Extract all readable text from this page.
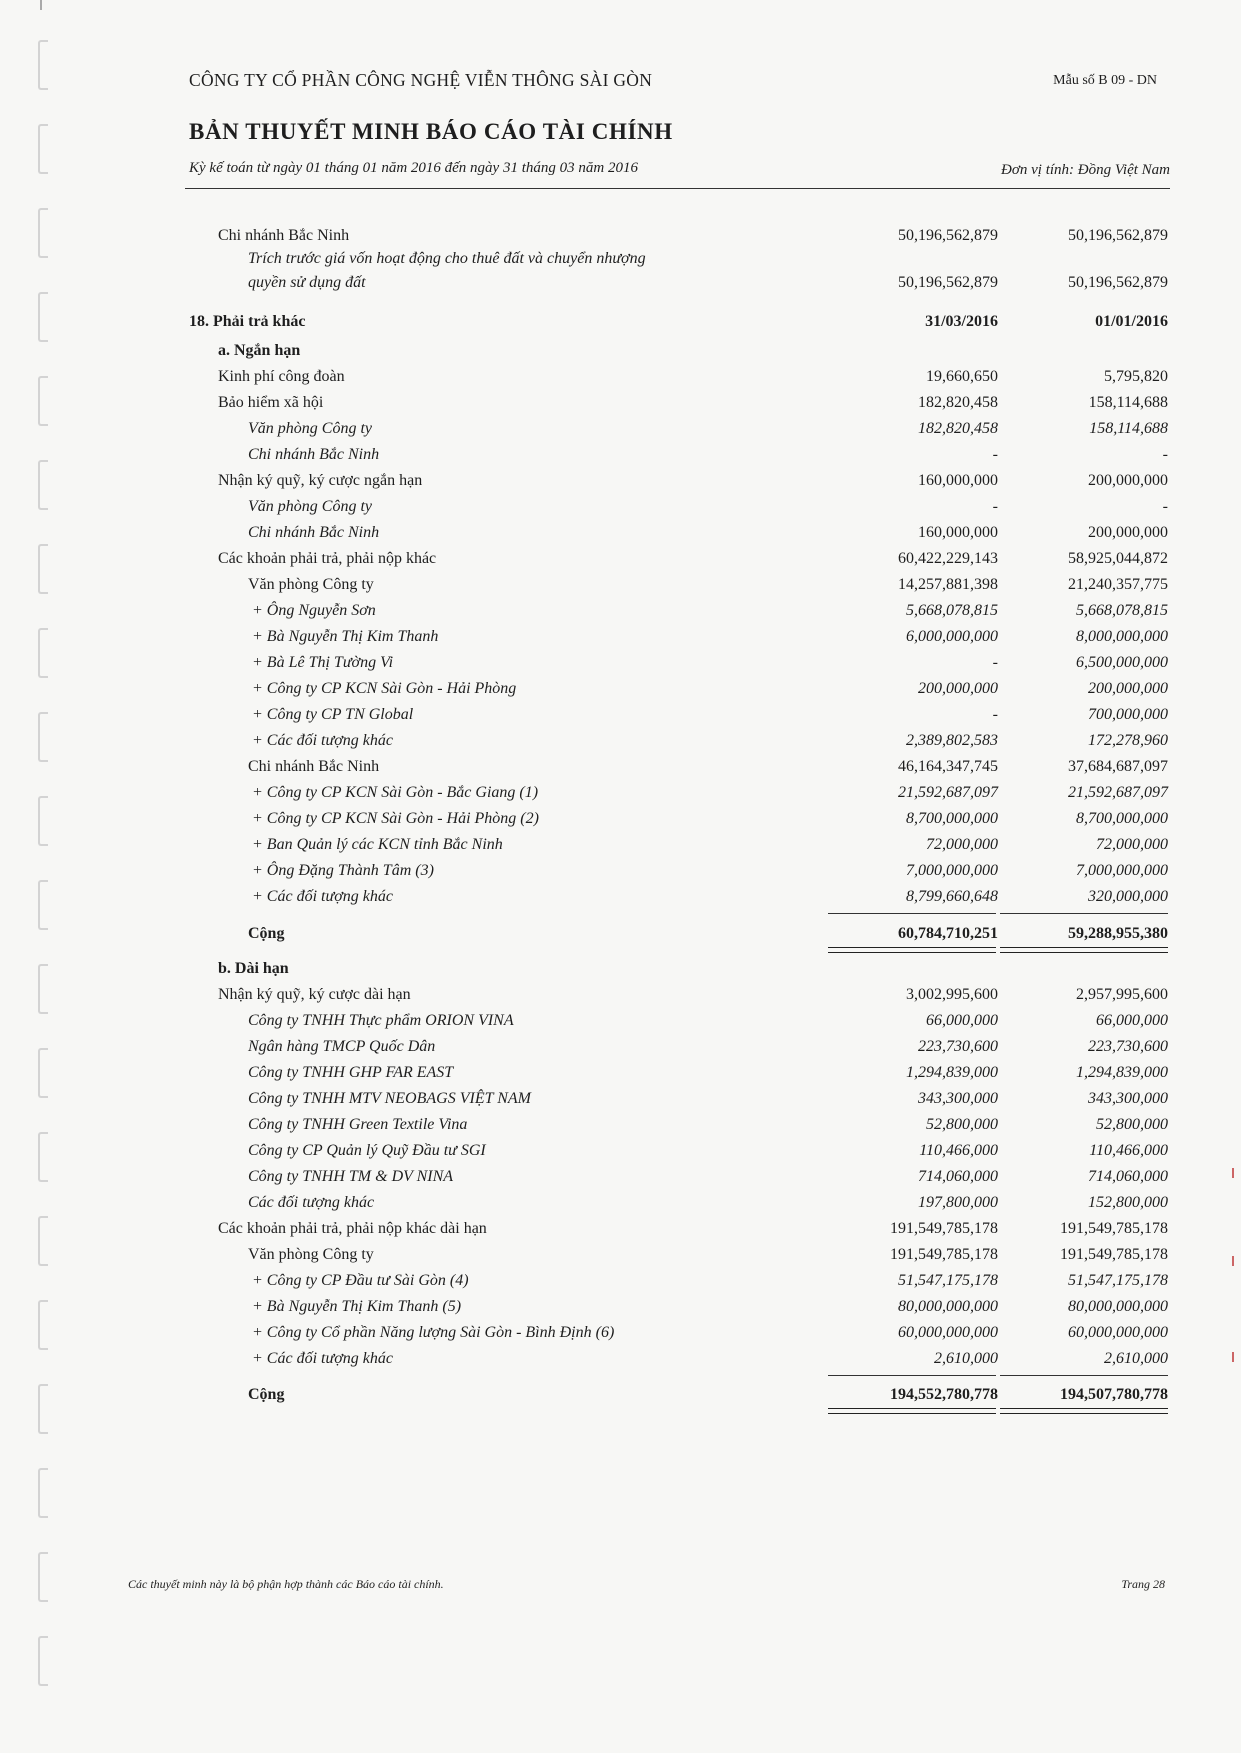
CÔNG TY CỔ PHẦN CÔNG NGHỆ VIỄN THÔNG SÀI GÒN	Mẫu số B 09 - DN
BẢN THUYẾT MINH BÁO CÁO TÀI CHÍNH
Kỳ kế toán từ ngày 01 tháng 01 năm 2016 đến ngày 31 tháng 03 năm 2016	Đơn vị tính: Đồng Việt Nam
Chi nhánh Bắc Ninh	50,196,562,879	50,196,562,879
Trích trước giá vốn hoạt động cho thuê đất và chuyển nhượng
quyền sử dụng đất	50,196,562,879	50,196,562,879
18. Phải trả khác	31/03/2016	01/01/2016
a. Ngắn hạn
Kinh phí công đoàn	19,660,650	5,795,820
Bảo hiểm xã hội	182,820,458	158,114,688
Văn phòng Công ty	182,820,458	158,114,688
Chi nhánh Bắc Ninh	-	-
Nhận ký quỹ, ký cược ngắn hạn	160,000,000	200,000,000
Văn phòng Công ty	-	-
Chi nhánh Bắc Ninh	160,000,000	200,000,000
Các khoản phải trả, phải nộp khác	60,422,229,143	58,925,044,872
Văn phòng Công ty	14,257,881,398	21,240,357,775
+ Ông Nguyễn Sơn	5,668,078,815	5,668,078,815
+ Bà Nguyễn Thị Kim Thanh	6,000,000,000	8,000,000,000
+ Bà Lê Thị Tường Vi	-	6,500,000,000
+ Công ty CP KCN Sài Gòn - Hải Phòng	200,000,000	200,000,000
+ Công ty CP TN Global	-	700,000,000
+ Các đối tượng khác	2,389,802,583	172,278,960
Chi nhánh Bắc Ninh	46,164,347,745	37,684,687,097
+ Công ty CP KCN Sài Gòn - Bắc Giang (1)	21,592,687,097	21,592,687,097
+ Công ty CP KCN Sài Gòn - Hải Phòng (2)	8,700,000,000	8,700,000,000
+ Ban Quản lý các KCN tỉnh Bắc Ninh	72,000,000	72,000,000
+ Ông Đặng Thành Tâm (3)	7,000,000,000	7,000,000,000
+ Các đối tượng khác	8,799,660,648	320,000,000
Cộng	60,784,710,251	59,288,955,380
b. Dài hạn
Nhận ký quỹ, ký cược dài hạn	3,002,995,600	2,957,995,600
Công ty TNHH Thực phẩm ORION VINA	66,000,000	66,000,000
Ngân hàng TMCP Quốc Dân	223,730,600	223,730,600
Công ty TNHH GHP FAR EAST	1,294,839,000	1,294,839,000
Công ty TNHH MTV NEOBAGS VIỆT NAM	343,300,000	343,300,000
Công ty TNHH Green Textile Vina	52,800,000	52,800,000
Công ty CP Quản lý Quỹ Đầu tư SGI	110,466,000	110,466,000
Công ty TNHH TM & DV NINA	714,060,000	714,060,000
Các đối tượng khác	197,800,000	152,800,000
Các khoản phải trả, phải nộp khác dài hạn	191,549,785,178	191,549,785,178
Văn phòng Công ty	191,549,785,178	191,549,785,178
+ Công ty CP Đầu tư Sài Gòn (4)	51,547,175,178	51,547,175,178
+ Bà Nguyễn Thị Kim Thanh (5)	80,000,000,000	80,000,000,000
+ Công ty Cổ phần Năng lượng Sài Gòn - Bình Định (6)	60,000,000,000	60,000,000,000
+ Các đối tượng khác	2,610,000	2,610,000
Cộng	194,552,780,778	194,507,780,778
Các thuyết minh này là bộ phận hợp thành các Báo cáo tài chính.	Trang 28
